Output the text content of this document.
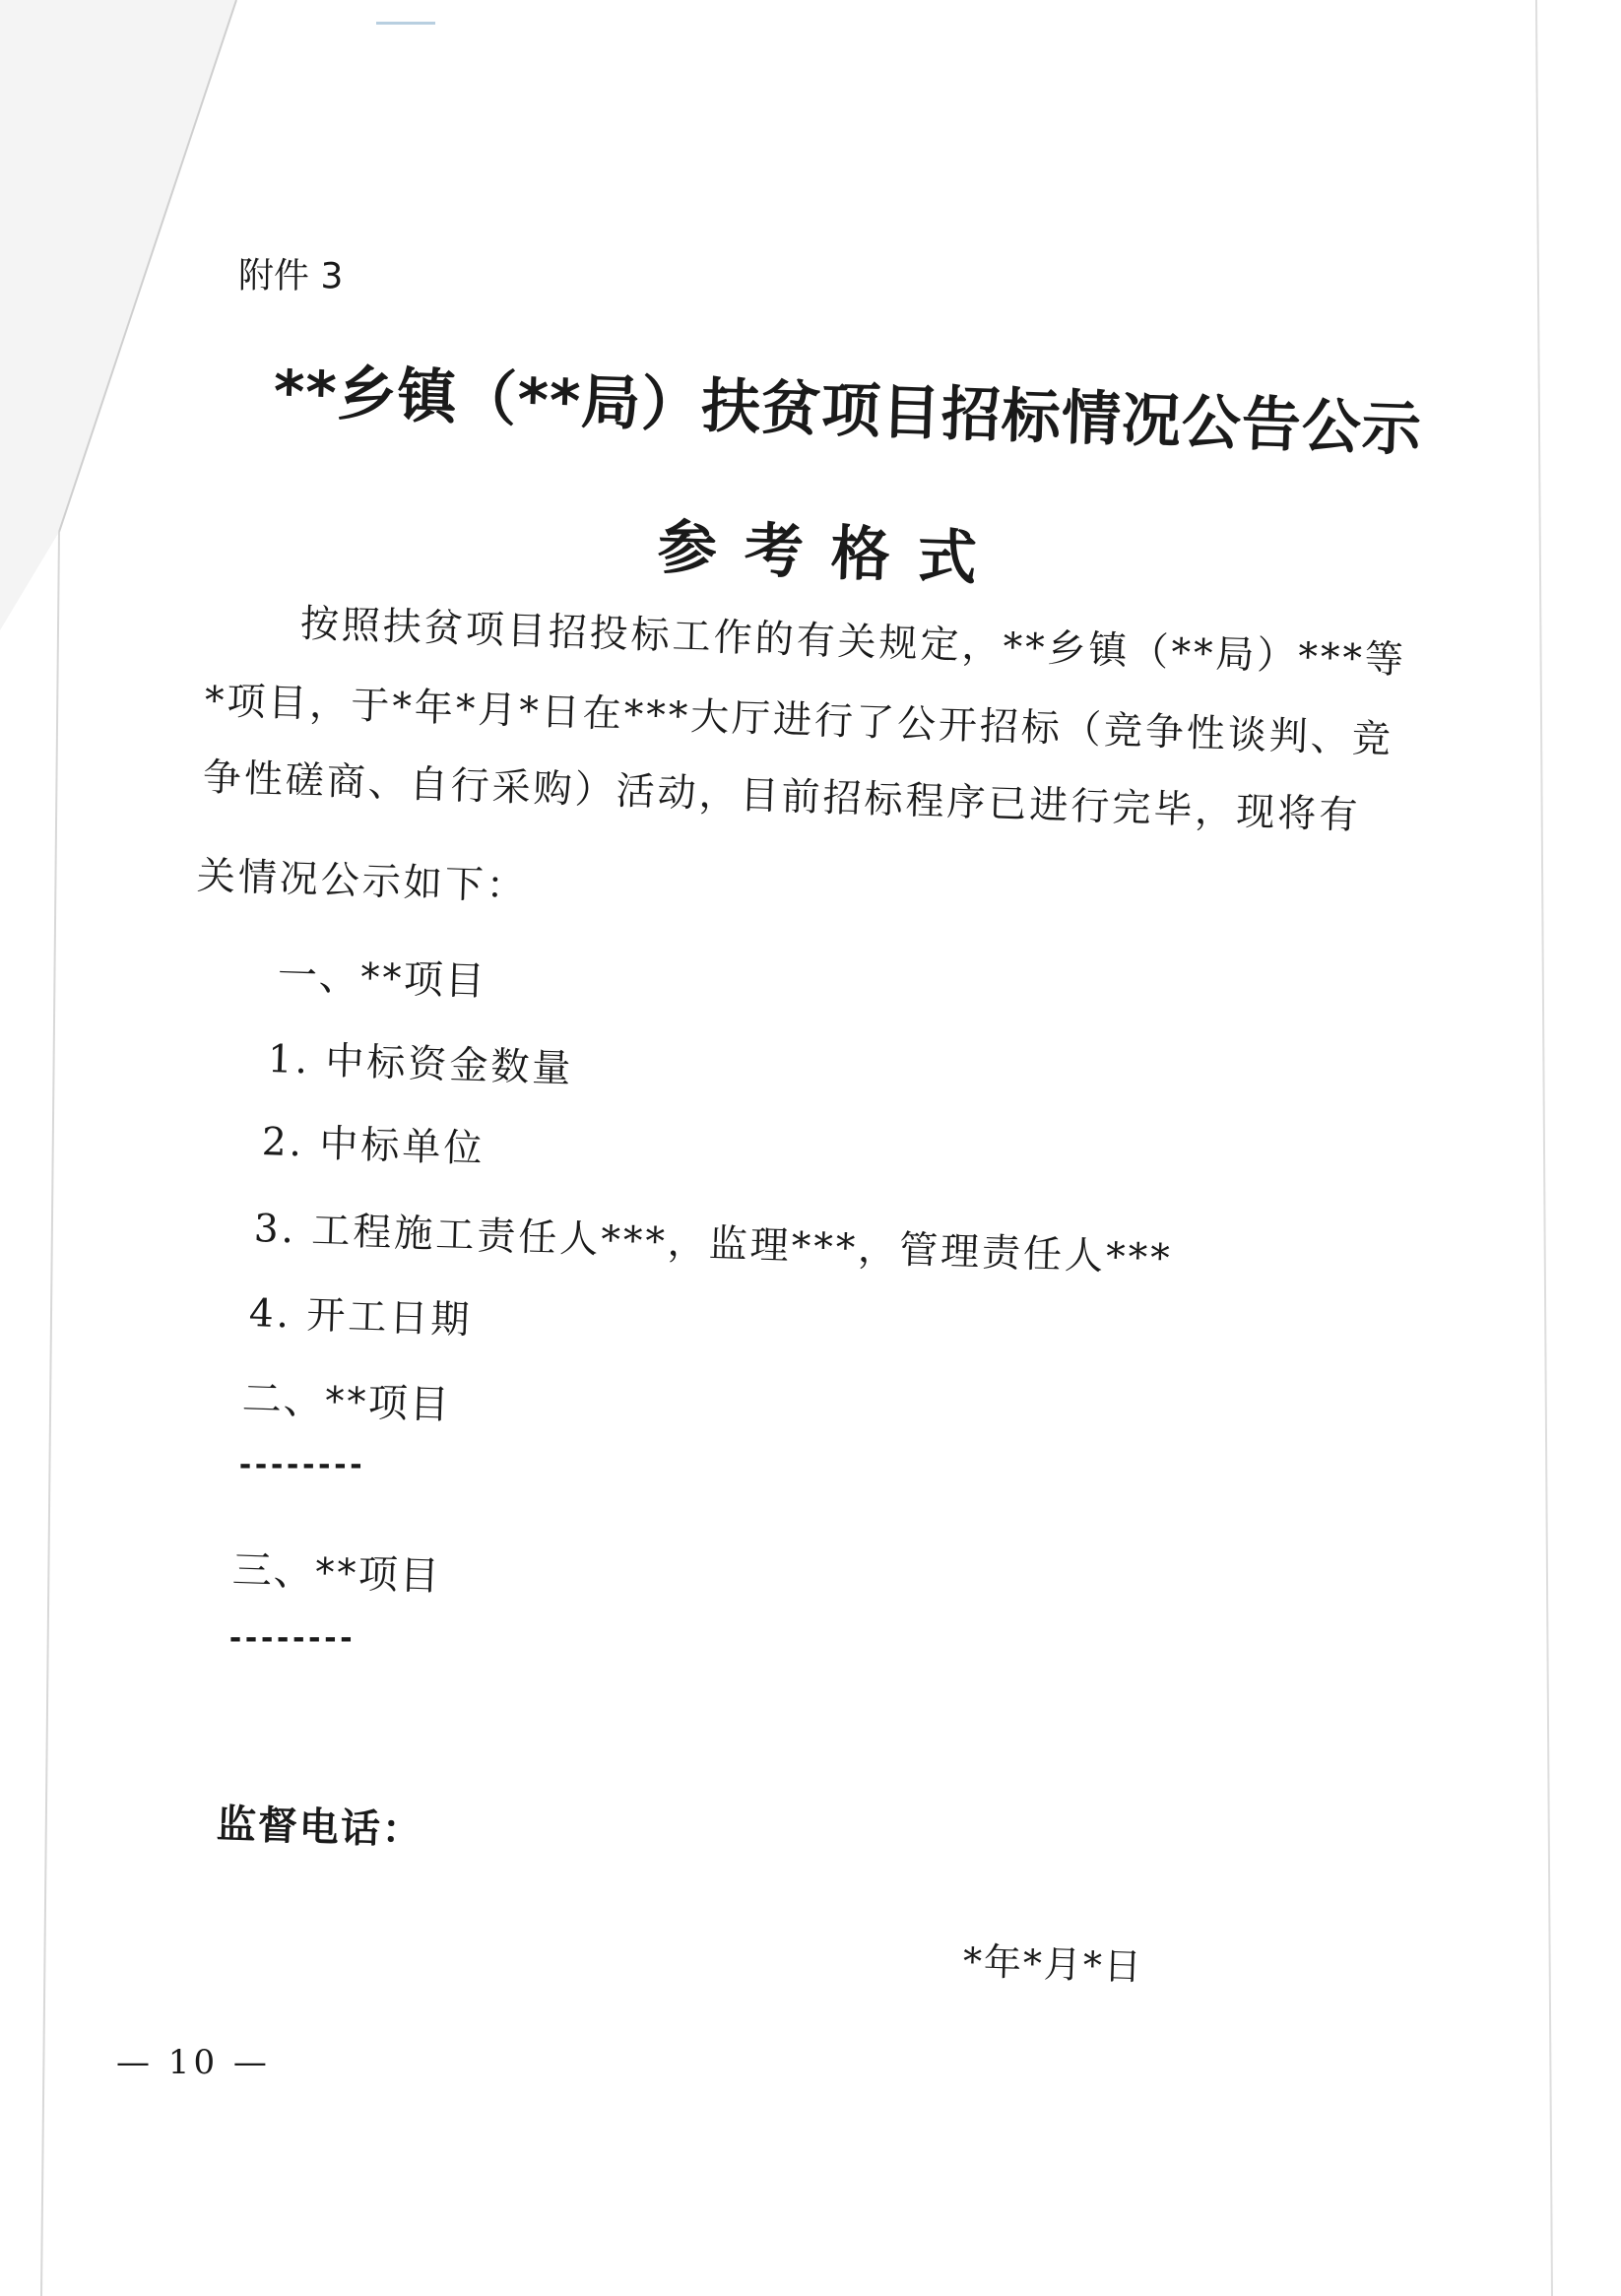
附件 3
**乡镇（**局）扶贫项目招标情况公告公示
参考格式
按照扶贫项目招投标工作的有关规定，**乡镇（**局）***等
*项目，于*年*月*日在***大厅进行了公开招标（竞争性谈判、竞
争性磋商、自行采购）活动，目前招标程序已进行完毕，现将有
关情况公示如下：
一、**项目
1. 中标资金数量
2. 中标单位
3. 工程施工责任人***，监理***，管理责任人***
4. 开工日期
二、**项目
--------
三、**项目
--------
监督电话：
*年*月*日
— 10 —
